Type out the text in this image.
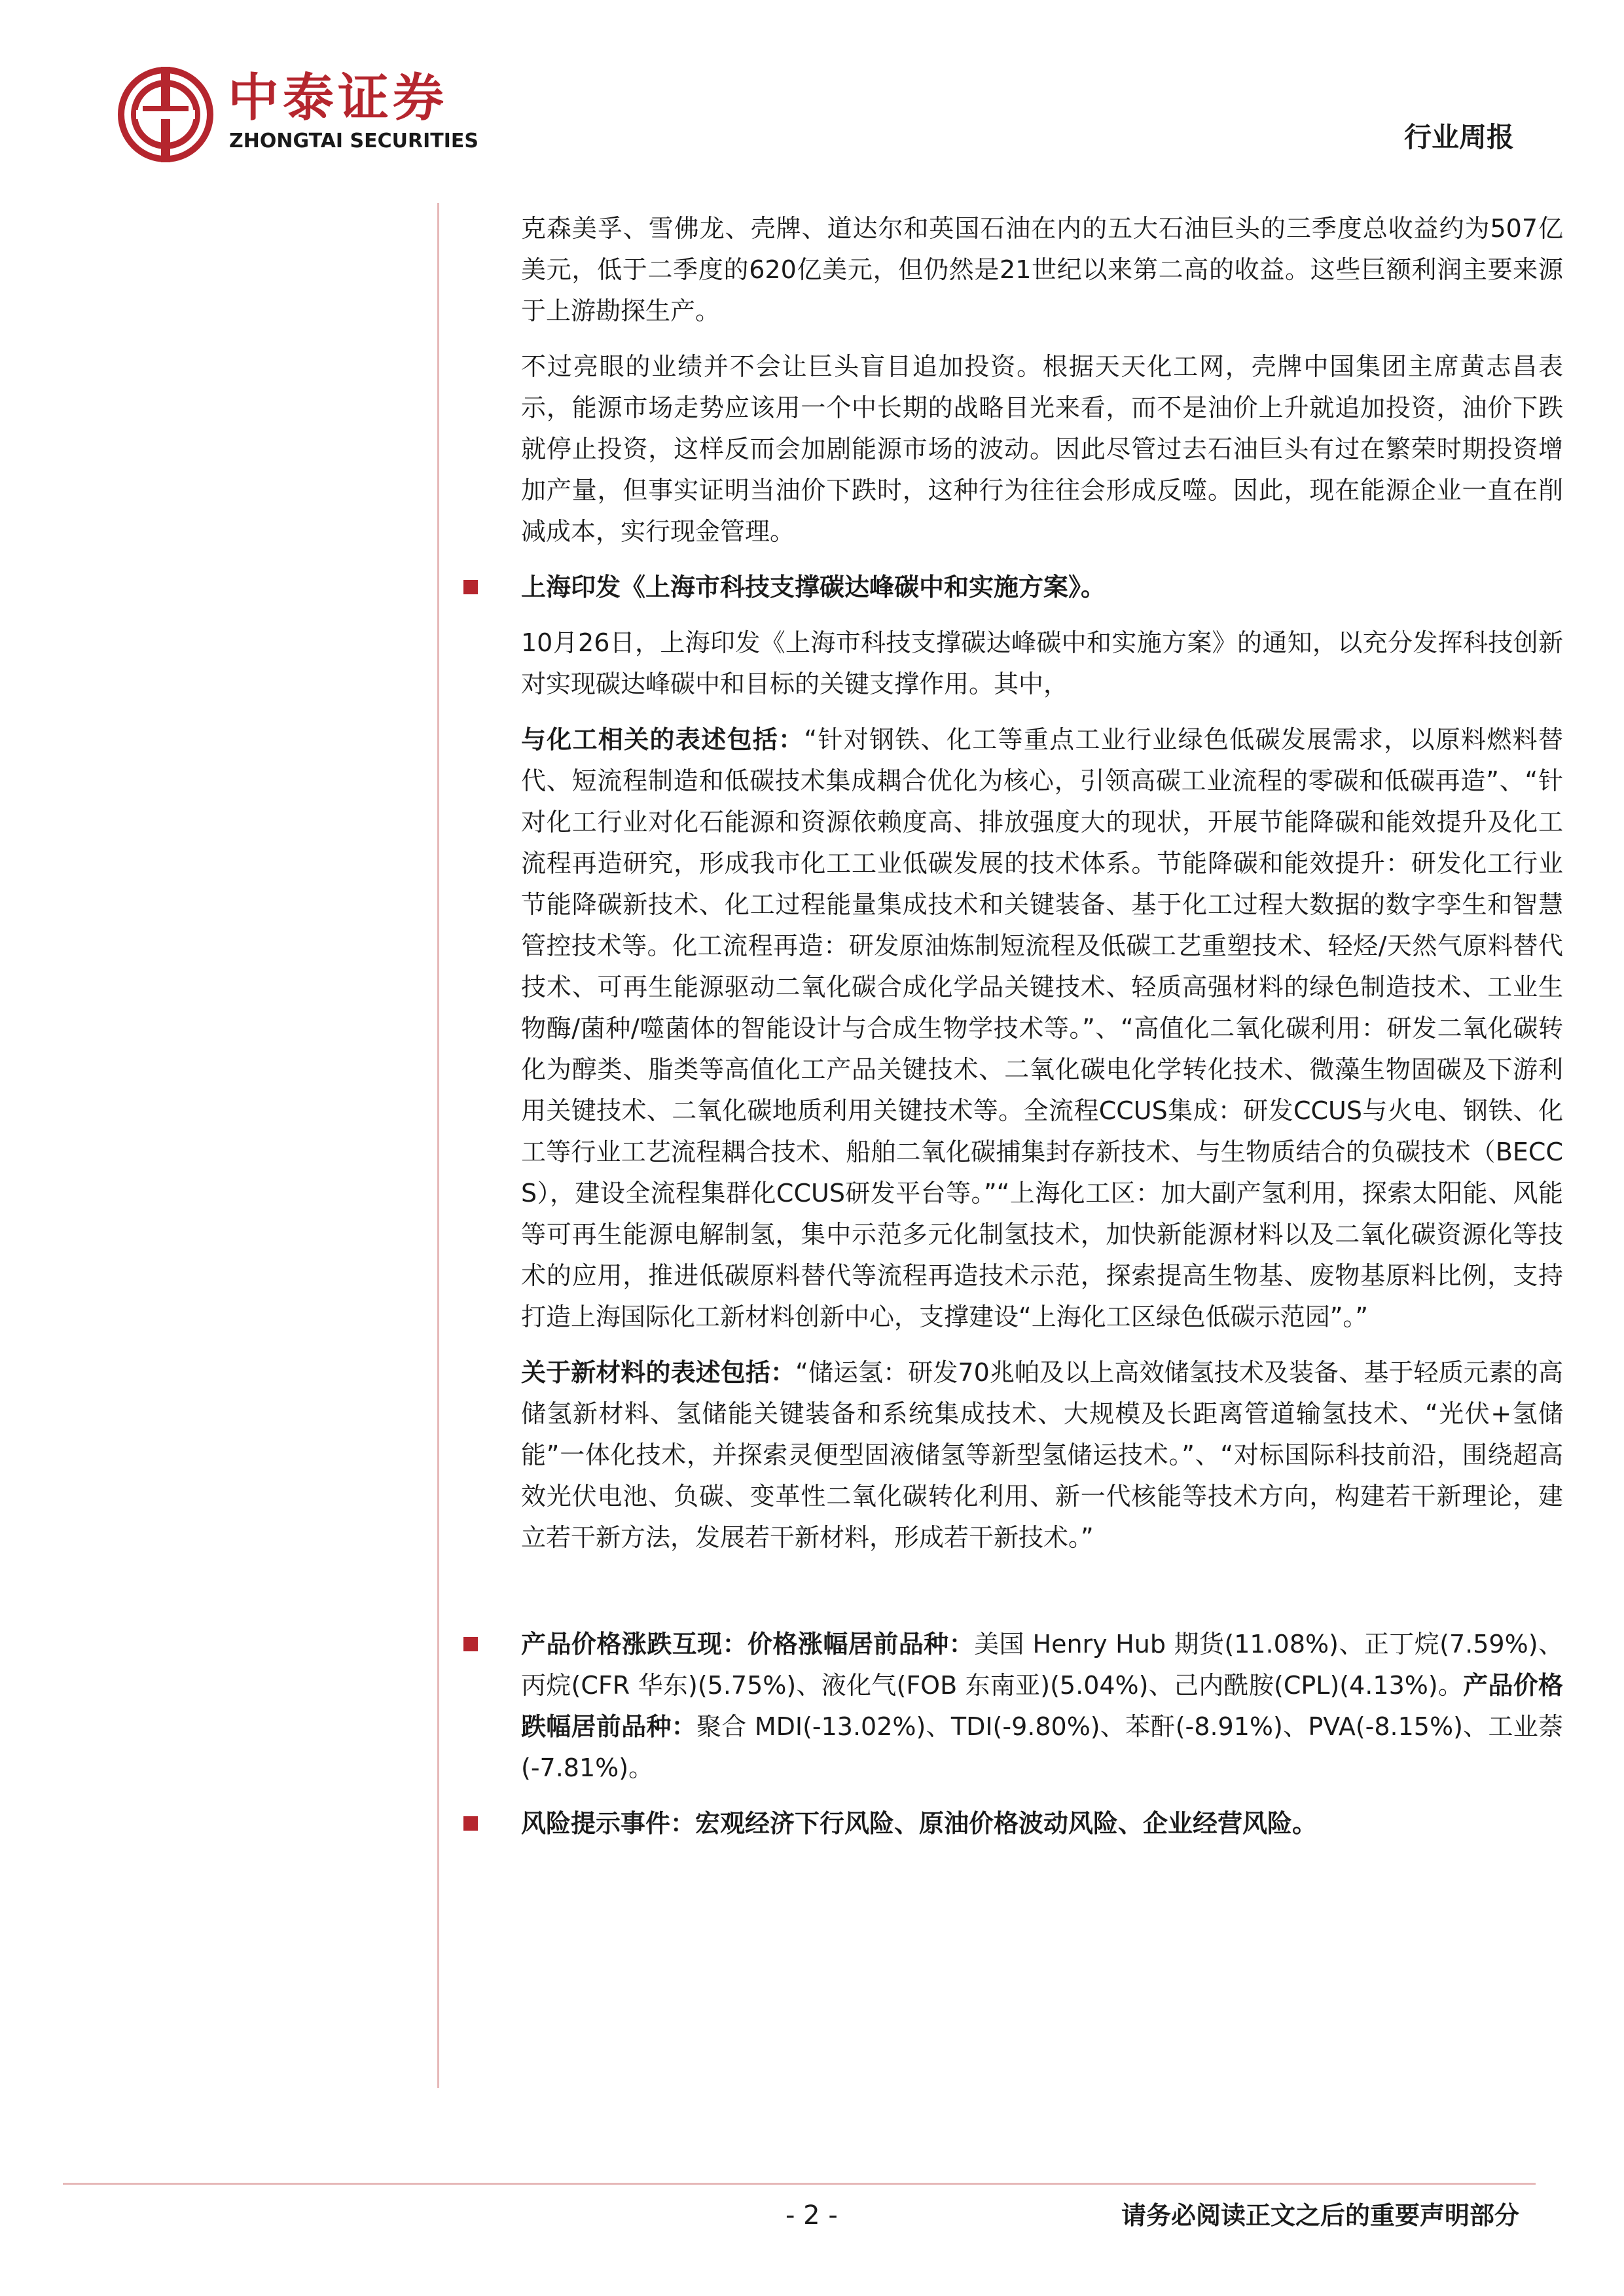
中泰证券
ZHONGTAI SECURITIES	行业周报

克森美孚、雪佛龙、壳牌、道达尔和英国石油在内的五大石油巨头的三季度总收益约为507亿美元，低于二季度的620亿美元，但仍然是21世纪以来第二高的收益。这些巨额利润主要来源于上游勘探生产。

不过亮眼的业绩并不会让巨头盲目追加投资。根据天天化工网，壳牌中国集团主席黄志昌表示，能源市场走势应该用一个中长期的战略目光来看，而不是油价上升就追加投资，油价下跌就停止投资，这样反而会加剧能源市场的波动。因此尽管过去石油巨头有过在繁荣时期投资增加产量，但事实证明当油价下跌时，这种行为往往会形成反噬。因此，现在能源企业一直在削减成本，实行现金管理。

上海印发《上海市科技支撑碳达峰碳中和实施方案》。

10月26日，上海印发《上海市科技支撑碳达峰碳中和实施方案》的通知，以充分发挥科技创新对实现碳达峰碳中和目标的关键支撑作用。其中，

与化工相关的表述包括：“针对钢铁、化工等重点工业行业绿色低碳发展需求，以原料燃料替代、短流程制造和低碳技术集成耦合优化为核心，引领高碳工业流程的零碳和低碳再造”、“针对化工行业对化石能源和资源依赖度高、排放强度大的现状，开展节能降碳和能效提升及化工流程再造研究，形成我市化工工业低碳发展的技术体系。节能降碳和能效提升：研发化工行业节能降碳新技术、化工过程能量集成技术和关键装备、基于化工过程大数据的数字孪生和智慧管控技术等。化工流程再造：研发原油炼制短流程及低碳工艺重塑技术、轻烃/天然气原料替代技术、可再生能源驱动二氧化碳合成化学品关键技术、轻质高强材料的绿色制造技术、工业生物酶/菌种/噬菌体的智能设计与合成生物学技术等。”、“高值化二氧化碳利用：研发二氧化碳转化为醇类、脂类等高值化工产品关键技术、二氧化碳电化学转化技术、微藻生物固碳及下游利用关键技术、二氧化碳地质利用关键技术等。全流程CCUS集成：研发CCUS与火电、钢铁、化工等行业工艺流程耦合技术、船舶二氧化碳捕集封存新技术、与生物质结合的负碳技术（BECCS），建设全流程集群化CCUS研发平台等。”“上海化工区：加大副产氢利用，探索太阳能、风能等可再生能源电解制氢，集中示范多元化制氢技术，加快新能源材料以及二氧化碳资源化等技术的应用，推进低碳原料替代等流程再造技术示范，探索提高生物基、废物基原料比例，支持打造上海国际化工新材料创新中心，支撑建设“上海化工区绿色低碳示范园”。”

关于新材料的表述包括：“储运氢：研发70兆帕及以上高效储氢技术及装备、基于轻质元素的高储氢新材料、氢储能关键装备和系统集成技术、大规模及长距离管道输氢技术、“光伏+氢储能”一体化技术，并探索灵便型固液储氢等新型氢储运技术。”、“对标国际科技前沿，围绕超高效光伏电池、负碳、变革性二氧化碳转化利用、新一代核能等技术方向，构建若干新理论，建立若干新方法，发展若干新材料，形成若干新技术。”

产品价格涨跌互现：价格涨幅居前品种：美国 Henry Hub 期货(11.08%)、正丁烷(7.59%)、丙烷(CFR 华东)(5.75%)、液化气(FOB 东南亚)(5.04%)、己内酰胺(CPL)(4.13%)。产品价格跌幅居前品种：聚合 MDI(-13.02%)、TDI(-9.80%)、苯酐(-8.91%)、PVA(-8.15%)、工业萘(-7.81%)。

风险提示事件：宏观经济下行风险、原油价格波动风险、企业经营风险。

- 2 -	请务必阅读正文之后的重要声明部分
